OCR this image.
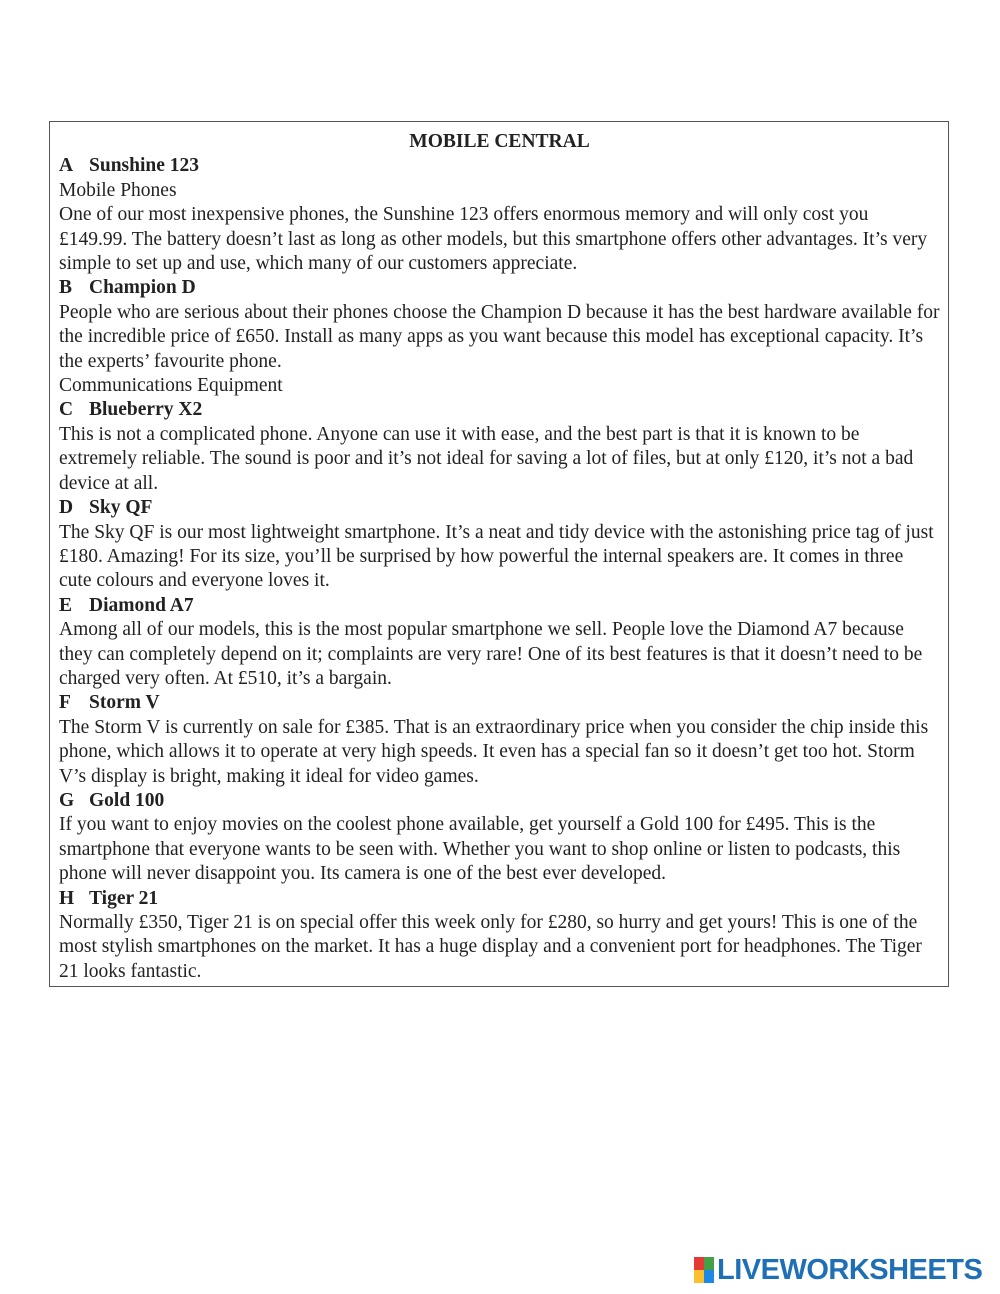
MOBILE CENTRAL

A Sunshine 123

Mobile Phones

One of our most inexpensive phones, the Sunshine 123 offers enormous memory and will only cost you £149.99. The battery doesn’t last as long as other models, but this smartphone offers other advantages. It’s very simple to set up and use, which many of our customers appreciate.

B Champion D

People who are serious about their phones choose the Champion D because it has the best hardware available for the incredible price of £650. Install as many apps as you want because this model has exceptional capacity. It’s the experts’ favourite phone.

Communications Equipment

C Blueberry X2

This is not a complicated phone. Anyone can use it with ease, and the best part is that it is known to be extremely reliable. The sound is poor and it’s not ideal for saving a lot of files, but at only £120, it’s not a bad device at all.

D Sky QF

The Sky QF is our most lightweight smartphone. It’s a neat and tidy device with the astonishing price tag of just £180. Amazing! For its size, you’ll be surprised by how powerful the internal speakers are. It comes in three cute colours and everyone loves it.

E Diamond A7

Among all of our models, this is the most popular smartphone we sell. People love the Diamond A7 because they can completely depend on it; complaints are very rare! One of its best features is that it doesn’t need to be charged very often. At £510, it’s a bargain.

F Storm V

The Storm V is currently on sale for £385. That is an extraordinary price when you consider the chip inside this phone, which allows it to operate at very high speeds. It even has a special fan so it doesn’t get too hot. Storm V’s display is bright, making it ideal for video games.

G Gold 100

If you want to enjoy movies on the coolest phone available, get yourself a Gold 100 for £495. This is the smartphone that everyone wants to be seen with. Whether you want to shop online or listen to podcasts, this phone will never disappoint you. Its camera is one of the best ever developed.

H Tiger 21

Normally £350, Tiger 21 is on special offer this week only for £280, so hurry and get yours! This is one of the most stylish smartphones on the market. It has a huge display and a convenient port for headphones. The Tiger 21 looks fantastic.

LIVEWORKSHEETS
